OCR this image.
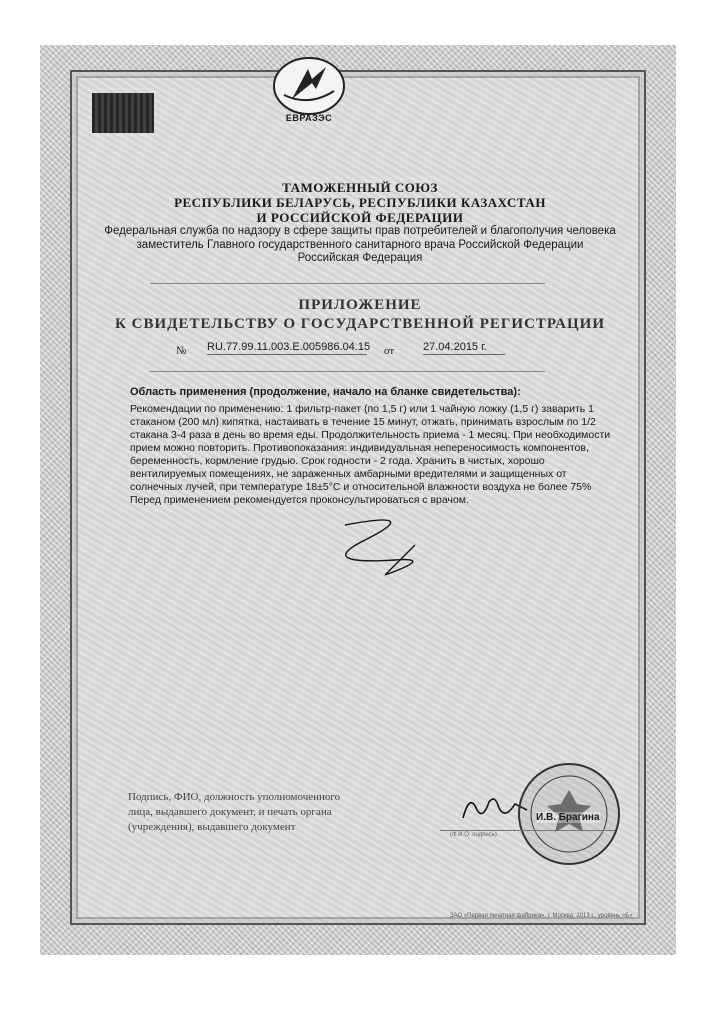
ЕВРАЗЭС
ТАМОЖЕННЫЙ СОЮЗ
РЕСПУБЛИКИ БЕЛАРУСЬ, РЕСПУБЛИКИ КАЗАХСТАН
И РОССИЙСКОЙ ФЕДЕРАЦИИ
Федеральная служба по надзору в сфере защиты прав потребителей и благополучия человека
заместитель Главного государственного санитарного врача Российской Федерации
Российская Федерация
ПРИЛОЖЕНИЕ
К СВИДЕТЕЛЬСТВУ О ГОСУДАРСТВЕННОЙ РЕГИСТРАЦИИ
№ RU.77.99.11.003.E.005986.04.15 от	27.04.2015 г.
Область применения (продолжение, начало на бланке свидетельства):

Рекомендации по применению: 1 фильтр-пакет (по 1,5 г) или 1 чайную ложку (1,5 г) заварить 1

стаканом (200 мл) кипятка, настаивать в течение 15 минут, отжать, принимать взрослым по 1/2

стакана 3-4 раза в день во время еды. Продолжительность приема - 1 месяц. При необходимости

прием можно повторить. Противопоказания: индивидуальная непереносимость компонентов,

беременность, кормление грудью. Срок годности - 2 года. Хранить в чистых, хорошо

вентилируемых помещениях, не зараженных амбарными вредителями и защищенных от

солнечных лучей, при температуре 18±5°С и относительной влажности воздуха не более 75%

Перед применением рекомендуется проконсультироваться с врачом.

Подпись, ФИО, должность уполномоченного
лица, выдавшего документ, и печать органа
(учреждения), выдавшего документ
И.В. Брагина
(Ф.И.О. подпись)
ЗАО «Первая печатная фабрика», г. Москва, 2013 г., уровень «Б»
